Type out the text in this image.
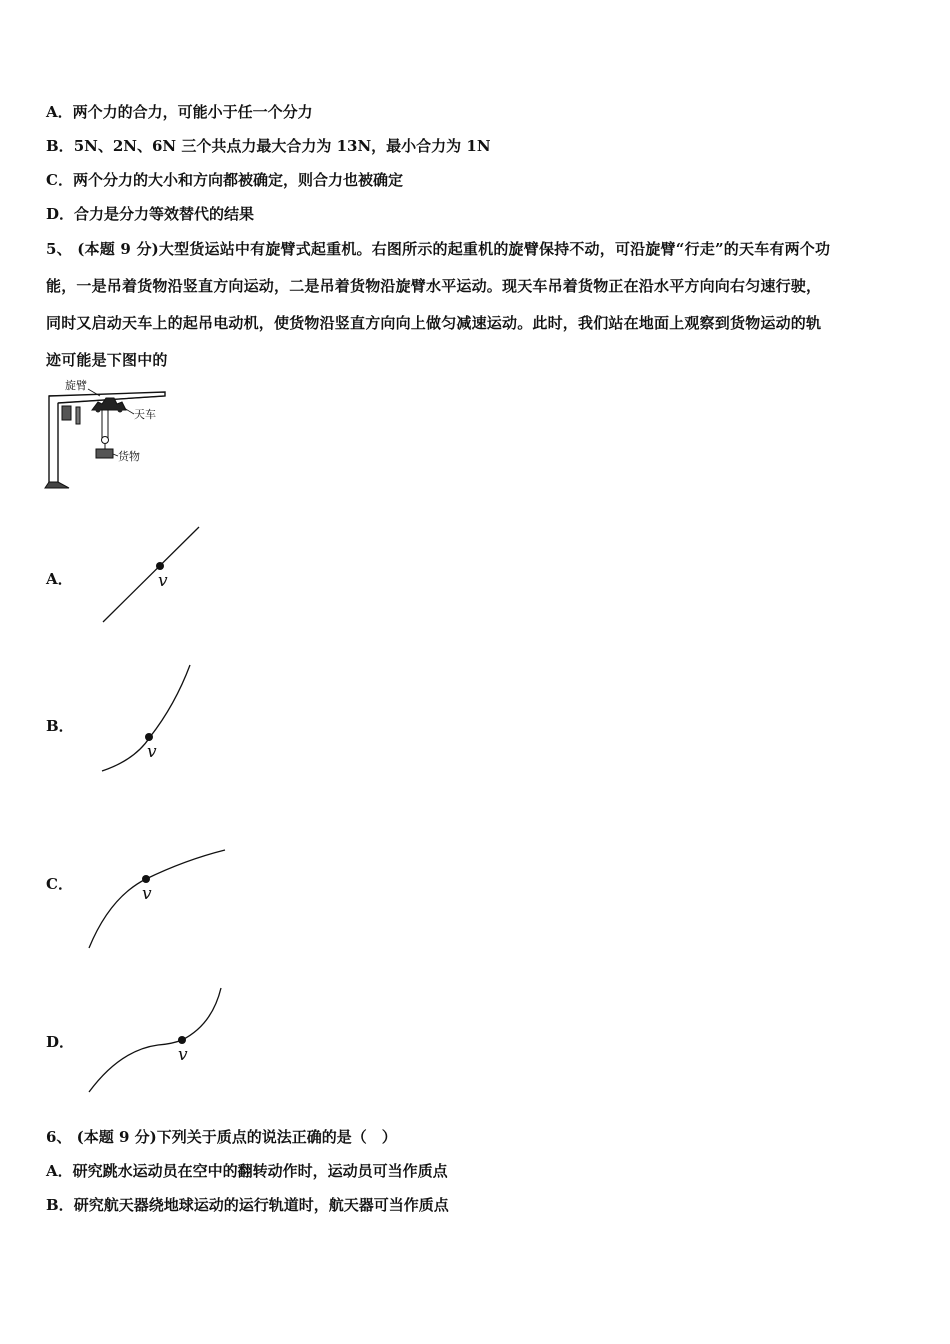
A．两个力的合力，可能小于任一个分力
B．5N、2N、6N 三个共点力最大合力为 13N，最小合力为 1N
C．两个分力的大小和方向都被确定，则合力也被确定
D．合力是分力等效替代的结果
5、 (本题 9 分)大型货运站中有旋臂式起重机。右图所示的起重机的旋臂保持不动，可沿旋臂“行走”的天车有两个功
能，一是吊着货物沿竖直方向运动，二是吊着货物沿旋臂水平运动。现天车吊着货物正在沿水平方向向右匀速行驶，
同时又启动天车上的起吊电动机，使货物沿竖直方向向上做匀减速运动。此时，我们站在地面上观察到货物运动的轨
迹可能是下图中的
旋臂
天车
货物
A．	v
B．
v
C．	v
D．
v
6、 (本题 9 分)下列关于质点的说法正确的是（　）
A．研究跳水运动员在空中的翻转动作时，运动员可当作质点
B．研究航天器绕地球运动的运行轨道时，航天器可当作质点
